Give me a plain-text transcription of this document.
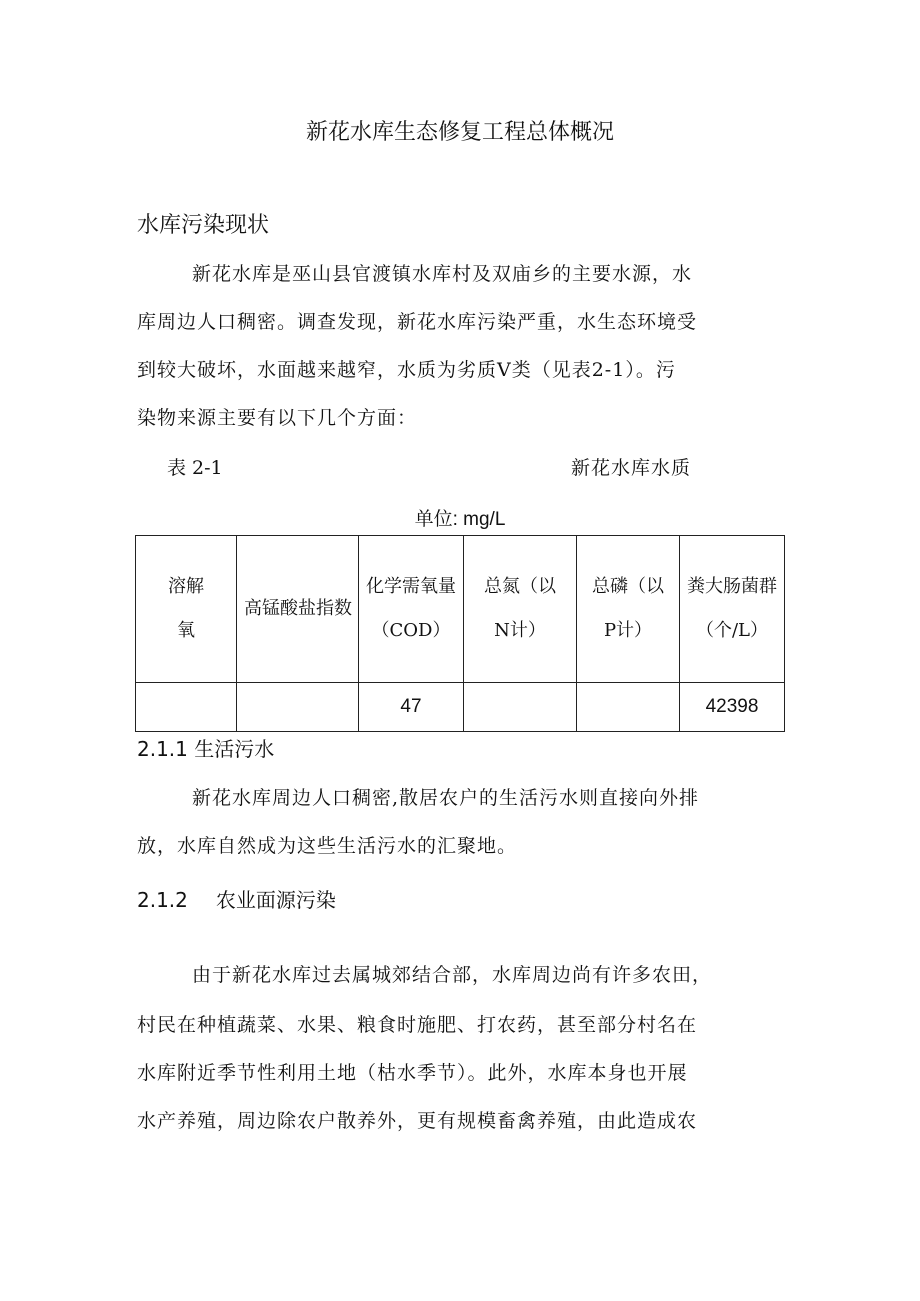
新花水库生态修复工程总体概况
水库污染现状

新花水库是巫山县官渡镇水库村及双庙乡的主要水源，水

库周边人口稠密。调查发现，新花水库污染严重，水生态环境受

到较大破坏，水面越来越窄，水质为劣质Ⅴ类（见表2-1）。污

染物来源主要有以下几个方面：

表 2-1	新花水库水质
单位: mg/L
溶解氧	高锰酸盐指数	化学需氧量（COD）	总氮（以N计）	总磷（以P计）	粪大肠菌群（个/L）
		47			42398
2.1.1 生活污水

新花水库周边人口稠密,散居农户的生活污水则直接向外排

放，水库自然成为这些生活污水的汇聚地。

2.1.2 农业面源污染

由于新花水库过去属城郊结合部，水库周边尚有许多农田，

村民在种植蔬菜、水果、粮食时施肥、打农药，甚至部分村名在

水库附近季节性利用土地（枯水季节）。此外，水库本身也开展

水产养殖，周边除农户散养外，更有规模畜禽养殖，由此造成农
